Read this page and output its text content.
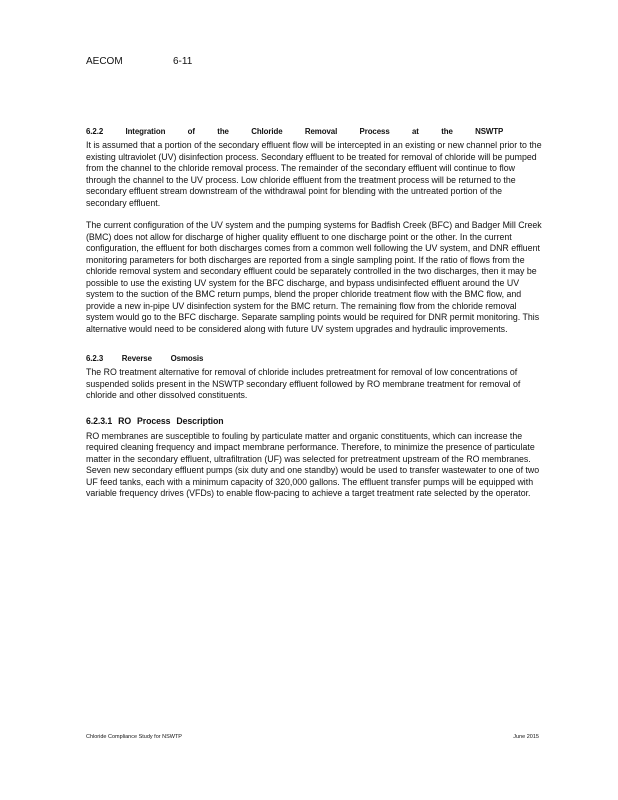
AECOM	6-11
6.2.2 Integration of the Chloride Removal Process at the NSWTP

It is assumed that a portion of the secondary effluent flow will be intercepted in an existing or new channel prior to the existing ultraviolet (UV) disinfection process. Secondary effluent to be treated for removal of chloride will be pumped from the channel to the chloride removal process. The remainder of the secondary effluent will continue to flow through the channel to the UV process. Low chloride effluent from the treatment process will be returned to the secondary effluent stream downstream of the withdrawal point for blending with the untreated portion of the secondary effluent.

The current configuration of the UV system and the pumping systems for Badfish Creek (BFC) and Badger Mill Creek (BMC) does not allow for discharge of higher quality effluent to one discharge point or the other. In the current configuration, the effluent for both discharges comes from a common well following the UV system, and DNR effluent monitoring parameters for both discharges are reported from a single sampling point. If the ratio of flows from the chloride removal system and secondary effluent could be separately controlled in the two discharges, then it may be possible to use the existing UV system for the BFC discharge, and bypass undisinfected effluent around the UV system to the suction of the BMC return pumps, blend the proper chloride treatment flow with the BMC flow, and provide a new in-pipe UV disinfection system for the BMC return. The remaining flow from the chloride removal system would go to the BFC discharge. Separate sampling points would be required for DNR permit monitoring. This alternative would need to be considered along with future UV system upgrades and hydraulic improvements.

6.2.3 Reverse Osmosis

The RO treatment alternative for removal of chloride includes pretreatment for removal of low concentrations of suspended solids present in the NSWTP secondary effluent followed by RO membrane treatment for removal of chloride and other dissolved constituents.

6.2.3.1 RO Process Description

RO membranes are susceptible to fouling by particulate matter and organic constituents, which can increase the required cleaning frequency and impact membrane performance. Therefore, to minimize the presence of particulate matter in the secondary effluent, ultrafiltration (UF) was selected for pretreatment upstream of the RO membranes. Seven new secondary effluent pumps (six duty and one standby) would be used to transfer wastewater to one of two UF feed tanks, each with a minimum capacity of 320,000 gallons. The effluent transfer pumps will be equipped with variable frequency drives (VFDs) to enable flow-pacing to achieve a target treatment rate selected by the operator.

Chloride Compliance Study for NSWTP	June 2015
